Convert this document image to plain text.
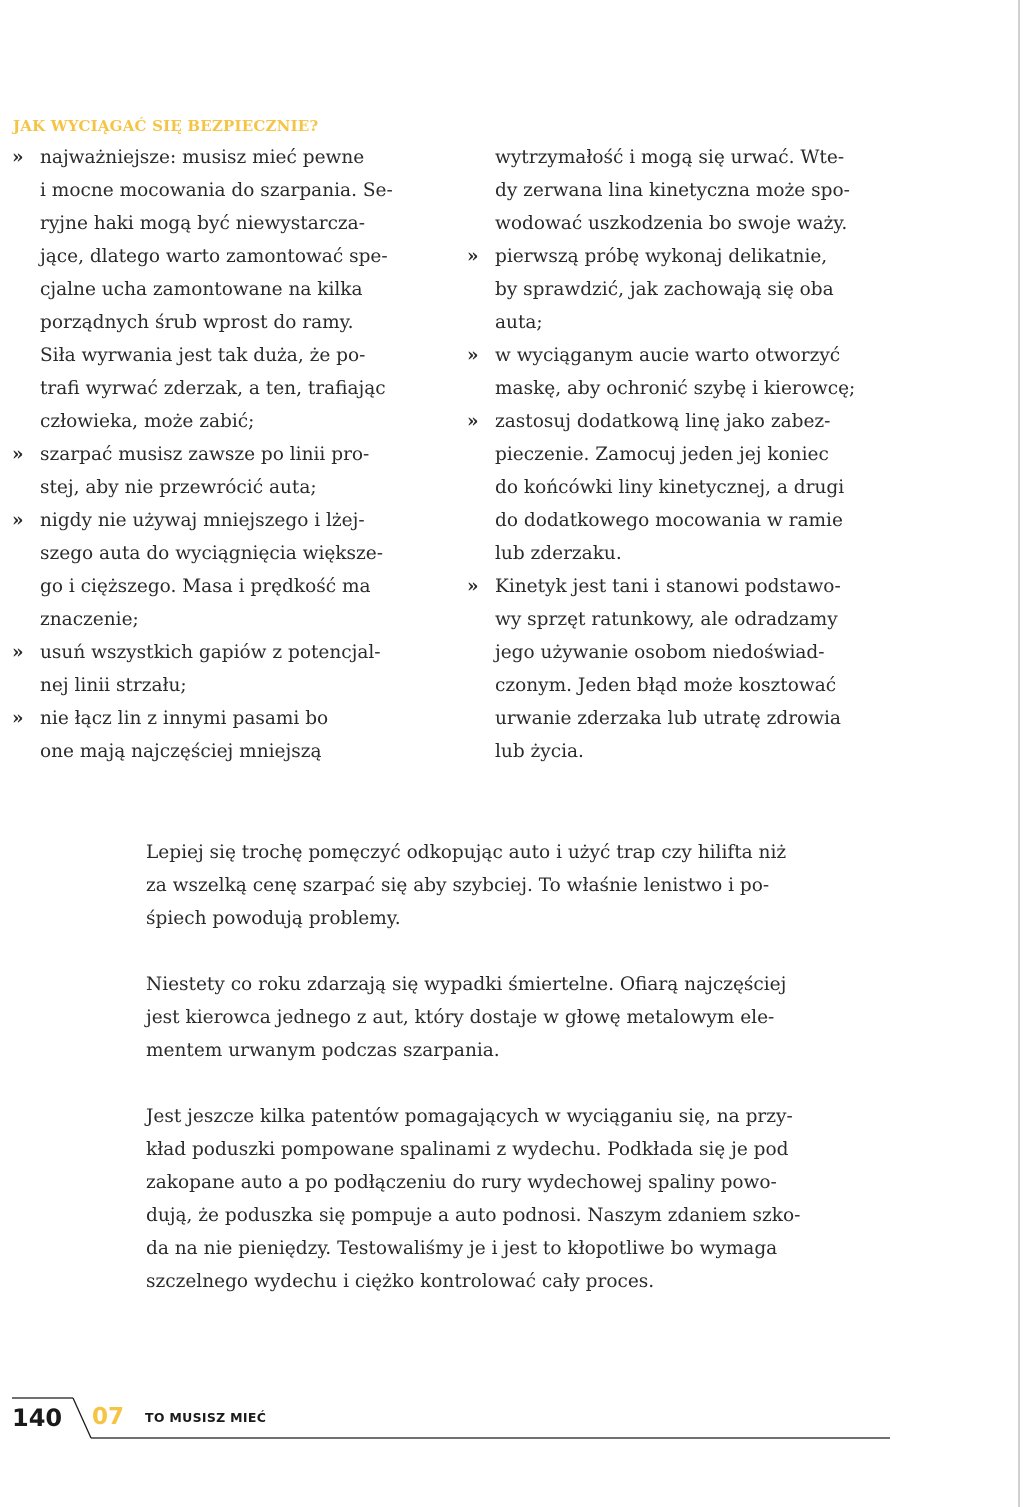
JAK WYCIĄGAĆ SIĘ BEZPIECZNIE?
» najważniejsze: musisz mieć pewne
i mocne mocowania do szarpania. Se-
ryjne haki mogą być niewystarcza-
jące, dlatego warto zamontować spe-
cjalne ucha zamontowane na kilka
porządnych śrub wprost do ramy.
Siła wyrwania jest tak duża, że po-
trafi wyrwać zderzak, a ten, trafiając
człowieka, może zabić;
» szarpać musisz zawsze po linii pro-
stej, aby nie przewrócić auta;
» nigdy nie używaj mniejszego i lżej-
szego auta do wyciągnięcia większe-
go i cięższego. Masa i prędkość ma
znaczenie;
» usuń wszystkich gapiów z potencjal-
nej linii strzału;
» nie łącz lin z innymi pasami bo
one mają najczęściej mniejszą
wytrzymałość i mogą się urwać. Wte-
dy zerwana lina kinetyczna może spo-
wodować uszkodzenia bo swoje waży.
» pierwszą próbę wykonaj delikatnie,
by sprawdzić, jak zachowają się oba
auta;
» w wyciąganym aucie warto otworzyć
maskę, aby ochronić szybę i kierowcę;
» zastosuj dodatkową linę jako zabez-
pieczenie. Zamocuj jeden jej koniec
do końcówki liny kinetycznej, a drugi
do dodatkowego mocowania w ramie
lub zderzaku.
» Kinetyk jest tani i stanowi podstawo-
wy sprzęt ratunkowy, ale odradzamy
jego używanie osobom niedoświad-
czonym. Jeden błąd może kosztować
urwanie zderzaka lub utratę zdrowia
lub życia.

Lepiej się trochę pomęczyć odkopując auto i użyć trap czy hilifta niż
za wszelką cenę szarpać się aby szybciej. To właśnie lenistwo i po-
śpiech powodują problemy.

Niestety co roku zdarzają się wypadki śmiertelne. Ofiarą najczęściej
jest kierowca jednego z aut, który dostaje w głowę metalowym ele-
mentem urwanym podczas szarpania.

Jest jeszcze kilka patentów pomagających w wyciąganiu się, na przy-
kład poduszki pompowane spalinami z wydechu. Podkłada się je pod
zakopane auto a po podłączeniu do rury wydechowej spaliny powo-
dują, że poduszka się pompuje a auto podnosi. Naszym zdaniem szko-
da na nie pieniędzy. Testowaliśmy je i jest to kłopotliwe bo wymaga
szczelnego wydechu i ciężko kontrolować cały proces.

140 07 TO MUSISZ MIEĆ
